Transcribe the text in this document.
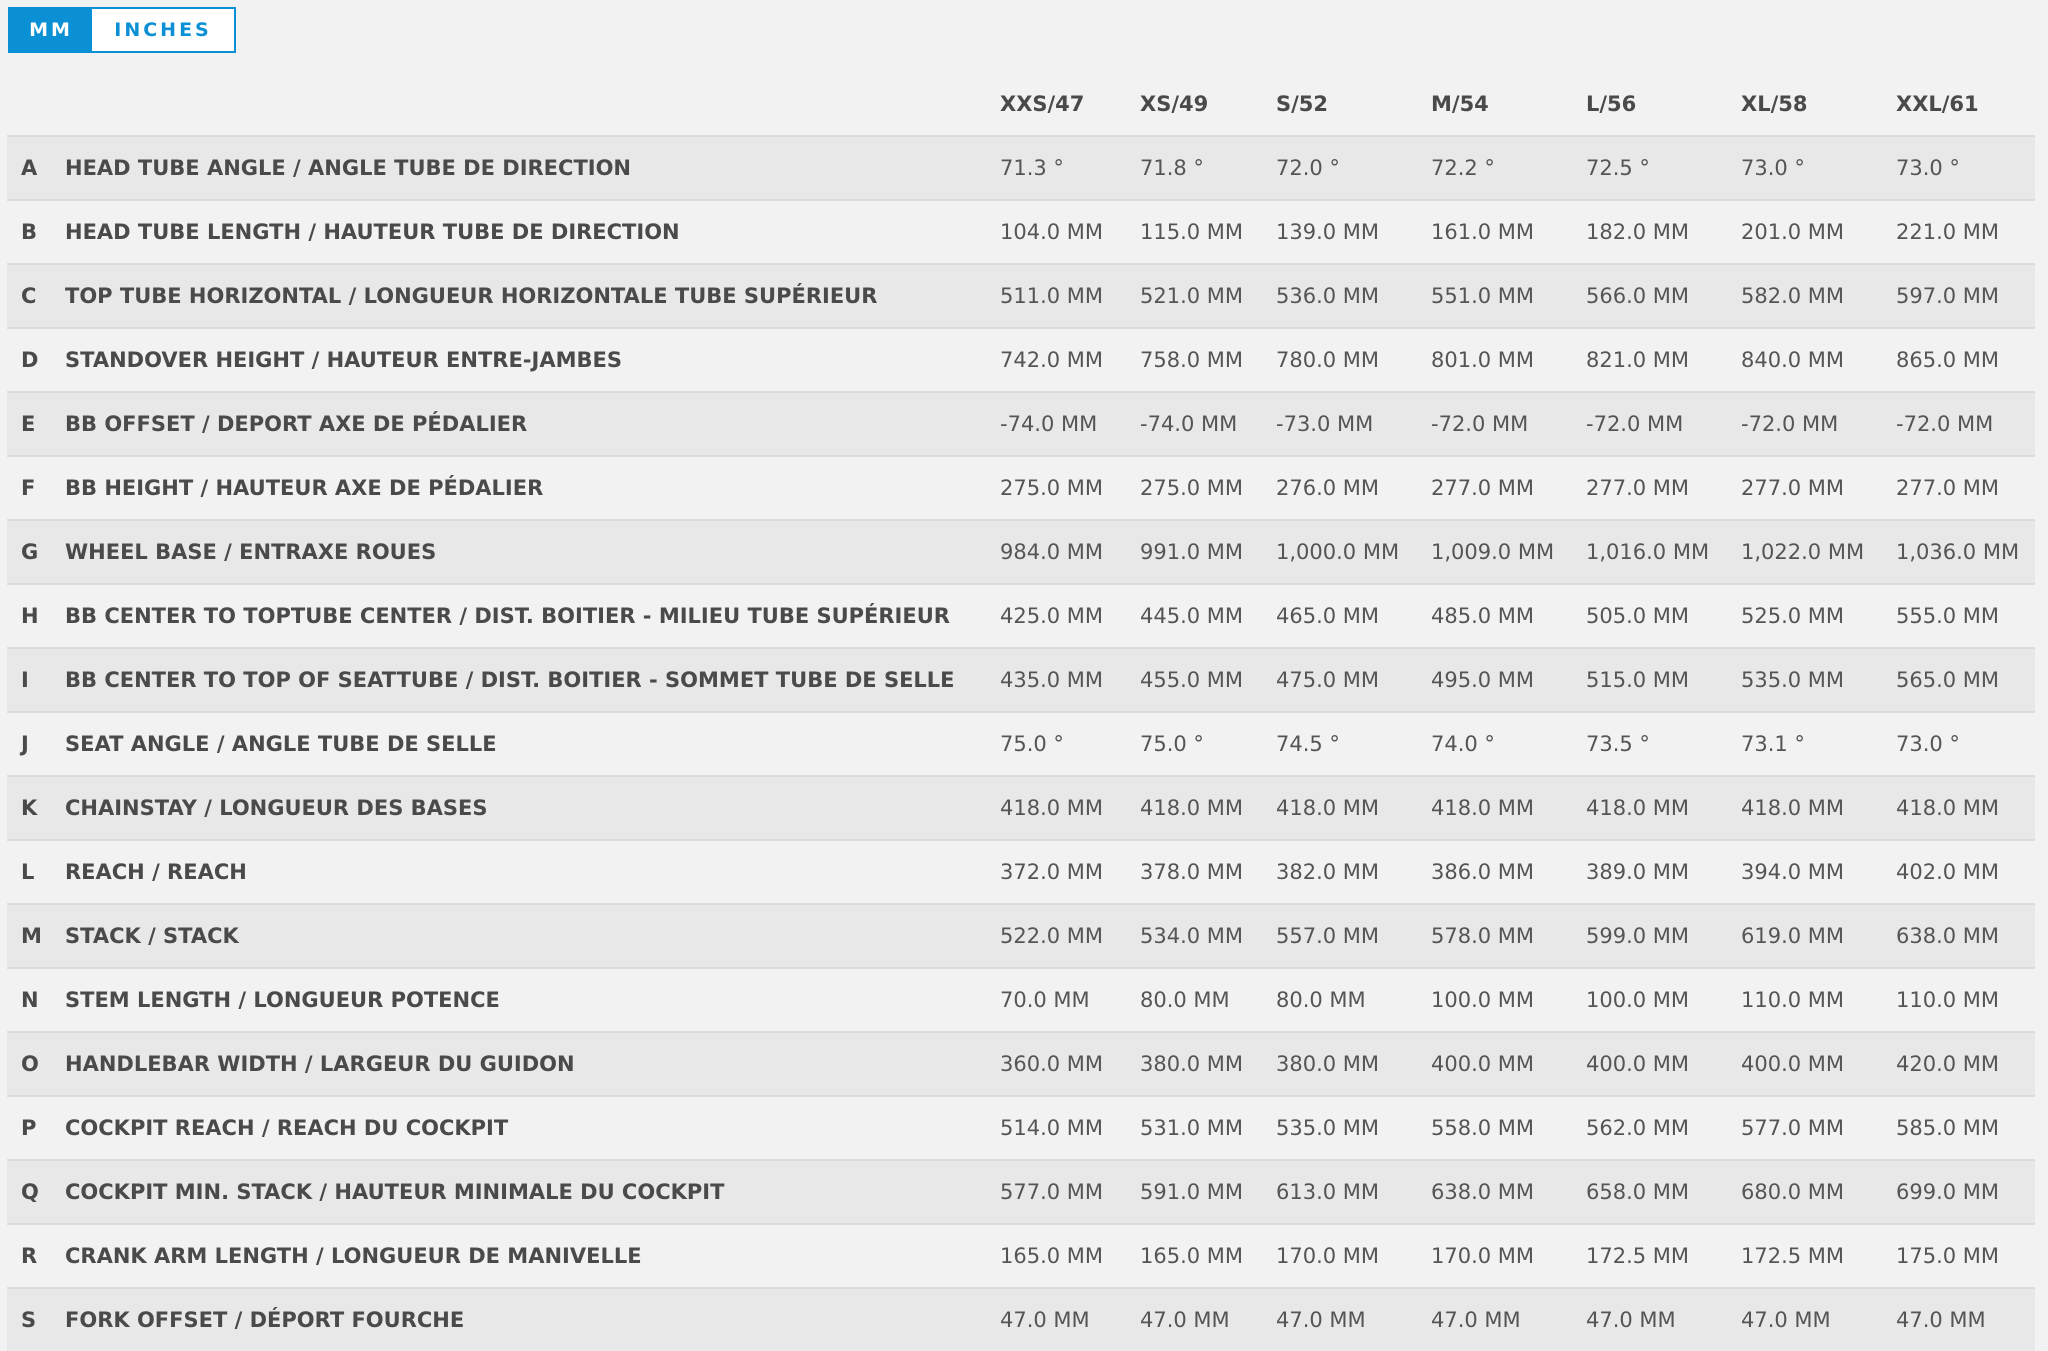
MM	INCHES
		XXS/47	XS/49	S/52	M/54	L/56	XL/58	XXL/61
A	HEAD TUBE ANGLE / ANGLE TUBE DE DIRECTION	71.3 °	71.8 °	72.0 °	72.2 °	72.5 °	73.0 °	73.0 °
B	HEAD TUBE LENGTH / HAUTEUR TUBE DE DIRECTION	104.0 MM	115.0 MM	139.0 MM	161.0 MM	182.0 MM	201.0 MM	221.0 MM
C	TOP TUBE HORIZONTAL / LONGUEUR HORIZONTALE TUBE SUPÉRIEUR	511.0 MM	521.0 MM	536.0 MM	551.0 MM	566.0 MM	582.0 MM	597.0 MM
D	STANDOVER HEIGHT / HAUTEUR ENTRE-JAMBES	742.0 MM	758.0 MM	780.0 MM	801.0 MM	821.0 MM	840.0 MM	865.0 MM
E	BB OFFSET / DEPORT AXE DE PÉDALIER	-74.0 MM	-74.0 MM	-73.0 MM	-72.0 MM	-72.0 MM	-72.0 MM	-72.0 MM
F	BB HEIGHT / HAUTEUR AXE DE PÉDALIER	275.0 MM	275.0 MM	276.0 MM	277.0 MM	277.0 MM	277.0 MM	277.0 MM
G	WHEEL BASE / ENTRAXE ROUES	984.0 MM	991.0 MM	1,000.0 MM	1,009.0 MM	1,016.0 MM	1,022.0 MM	1,036.0 MM
H	BB CENTER TO TOPTUBE CENTER / DIST. BOITIER - MILIEU TUBE SUPÉRIEUR	425.0 MM	445.0 MM	465.0 MM	485.0 MM	505.0 MM	525.0 MM	555.0 MM
I	BB CENTER TO TOP OF SEATTUBE / DIST. BOITIER - SOMMET TUBE DE SELLE	435.0 MM	455.0 MM	475.0 MM	495.0 MM	515.0 MM	535.0 MM	565.0 MM
J	SEAT ANGLE / ANGLE TUBE DE SELLE	75.0 °	75.0 °	74.5 °	74.0 °	73.5 °	73.1 °	73.0 °
K	CHAINSTAY / LONGUEUR DES BASES	418.0 MM	418.0 MM	418.0 MM	418.0 MM	418.0 MM	418.0 MM	418.0 MM
L	REACH / REACH	372.0 MM	378.0 MM	382.0 MM	386.0 MM	389.0 MM	394.0 MM	402.0 MM
M	STACK / STACK	522.0 MM	534.0 MM	557.0 MM	578.0 MM	599.0 MM	619.0 MM	638.0 MM
N	STEM LENGTH / LONGUEUR POTENCE	70.0 MM	80.0 MM	80.0 MM	100.0 MM	100.0 MM	110.0 MM	110.0 MM
O	HANDLEBAR WIDTH / LARGEUR DU GUIDON	360.0 MM	380.0 MM	380.0 MM	400.0 MM	400.0 MM	400.0 MM	420.0 MM
P	COCKPIT REACH / REACH DU COCKPIT	514.0 MM	531.0 MM	535.0 MM	558.0 MM	562.0 MM	577.0 MM	585.0 MM
Q	COCKPIT MIN. STACK / HAUTEUR MINIMALE DU COCKPIT	577.0 MM	591.0 MM	613.0 MM	638.0 MM	658.0 MM	680.0 MM	699.0 MM
R	CRANK ARM LENGTH / LONGUEUR DE MANIVELLE	165.0 MM	165.0 MM	170.0 MM	170.0 MM	172.5 MM	172.5 MM	175.0 MM
S	FORK OFFSET / DÉPORT FOURCHE	47.0 MM	47.0 MM	47.0 MM	47.0 MM	47.0 MM	47.0 MM	47.0 MM
